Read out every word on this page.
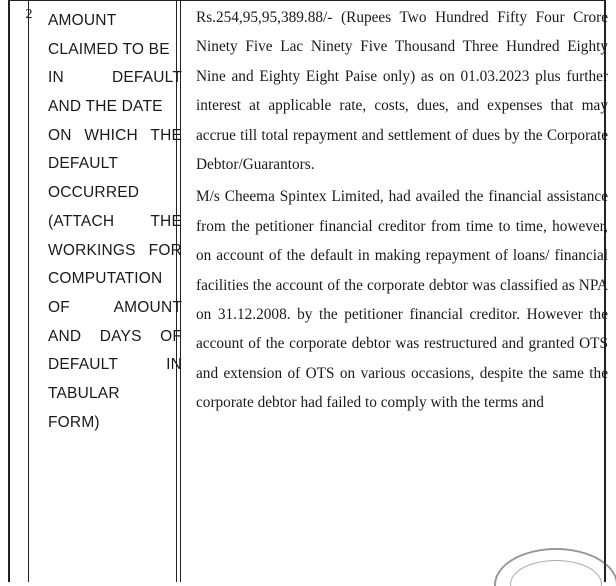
2	AMOUNT
CLAIMED TO BE
IN DEFAULT
AND THE DATE
ON WHICH THE
DEFAULT
OCCURRED
(ATTACH THE
WORKINGS FOR
COMPUTATION
OF AMOUNT
AND DAYS OF
DEFAULT IN
TABULAR
FORM)

Rs.254,95,95,389.88/- (Rupees Two Hundred Fifty Four Crore Ninety Five Lac Ninety Five Thousand Three Hundred Eighty Nine and Eighty Eight Paise only) as on 01.03.2023 plus further interest at applicable rate, costs, dues, and expenses that may accrue till total repayment and settlement of dues by the Corporate Debtor/Guarantors.

M/s Cheema Spintex Limited, had availed the financial assistance from the petitioner financial creditor from time to time, however, on account of the default in making repayment of loans/ financial facilities the account of the corporate debtor was classified as NPA on 31.12.2008. by the petitioner financial creditor. However the account of the corporate debtor was restructured and granted OTS and extension of OTS on various occasions, despite the same the corporate debtor had failed to comply with the terms and
